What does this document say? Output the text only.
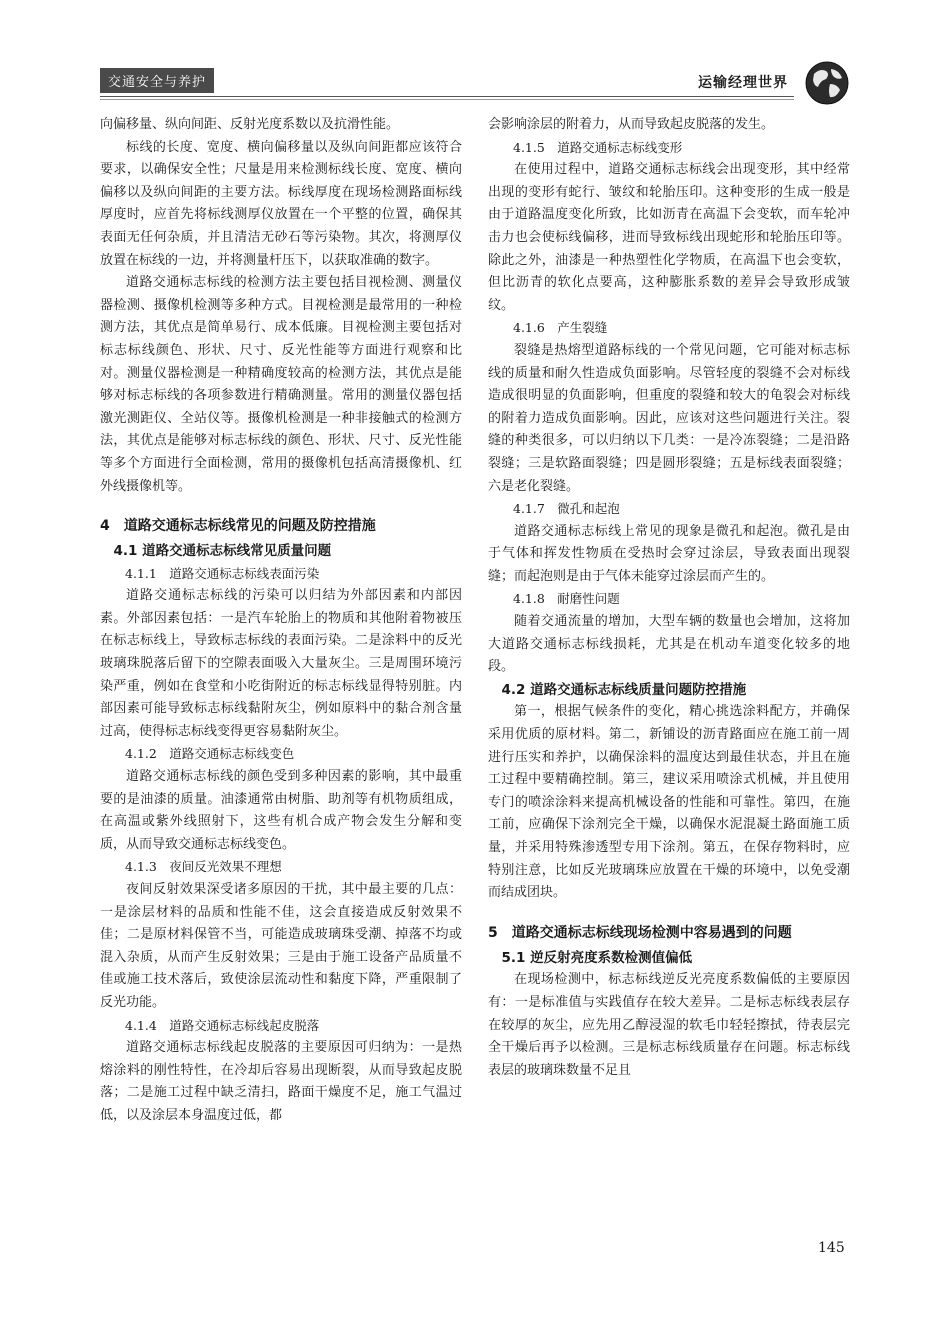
交通安全与养护	运输经理世界

向偏移量、纵向间距、反射光度系数以及抗滑性能。

标线的长度、宽度、横向偏移量以及纵向间距都应该符合要求，以确保安全性；尺量是用来检测标线长度、宽度、横向偏移以及纵向间距的主要方法。标线厚度在现场检测路面标线厚度时，应首先将标线测厚仪放置在一个平整的位置，确保其表面无任何杂质，并且清洁无砂石等污染物。其次，将测厚仪放置在标线的一边，并将测量杆压下，以获取准确的数字。

道路交通标志标线的检测方法主要包括目视检测、测量仪器检测、摄像机检测等多种方式。目视检测是最常用的一种检测方法，其优点是简单易行、成本低廉。目视检测主要包括对标志标线颜色、形状、尺寸、反光性能等方面进行观察和比对。测量仪器检测是一种精确度较高的检测方法，其优点是能够对标志标线的各项参数进行精确测量。常用的测量仪器包括激光测距仪、全站仪等。摄像机检测是一种非接触式的检测方法，其优点是能够对标志标线的颜色、形状、尺寸、反光性能等多个方面进行全面检测，常用的摄像机包括高清摄像机、红外线摄像机等。

4　道路交通标志标线常见的问题及防控措施
4.1 道路交通标志标线常见质量问题
4.1.1　道路交通标志标线表面污染

道路交通标志标线的污染可以归结为外部因素和内部因素。外部因素包括：一是汽车轮胎上的物质和其他附着物被压在标志标线上，导致标志标线的表面污染。二是涂料中的反光玻璃珠脱落后留下的空隙表面吸入大量灰尘。三是周围环境污染严重，例如在食堂和小吃街附近的标志标线显得特别脏。内部因素可能导致标志标线黏附灰尘，例如原料中的黏合剂含量过高，使得标志标线变得更容易黏附灰尘。

4.1.2　道路交通标志标线变色

道路交通标志标线的颜色受到多种因素的影响，其中最重要的是油漆的质量。油漆通常由树脂、助剂等有机物质组成，在高温或紫外线照射下，这些有机合成产物会发生分解和变质，从而导致交通标志标线变色。

4.1.3　夜间反光效果不理想

夜间反射效果深受诸多原因的干扰，其中最主要的几点：一是涂层材料的品质和性能不佳，这会直接造成反射效果不佳；二是原材料保管不当，可能造成玻璃珠受潮、掉落不均或混入杂质，从而产生反射效果；三是由于施工设备产品质量不佳或施工技术落后，致使涂层流动性和黏度下降，严重限制了反光功能。

4.1.4　道路交通标志标线起皮脱落

道路交通标志标线起皮脱落的主要原因可归纳为：一是热熔涂料的刚性特性，在冷却后容易出现断裂，从而导致起皮脱落；二是施工过程中缺乏清扫，路面干燥度不足，施工气温过低，以及涂层本身温度过低，都

会影响涂层的附着力，从而导致起皮脱落的发生。

4.1.5　道路交通标志标线变形

在使用过程中，道路交通标志标线会出现变形，其中经常出现的变形有蛇行、皱纹和轮胎压印。这种变形的生成一般是由于道路温度变化所致，比如沥青在高温下会变软，而车轮冲击力也会使标线偏移，进而导致标线出现蛇形和轮胎压印等。除此之外，油漆是一种热塑性化学物质，在高温下也会变软，但比沥青的软化点要高，这种膨胀系数的差异会导致形成皱纹。

4.1.6　产生裂缝

裂缝是热熔型道路标线的一个常见问题，它可能对标志标线的质量和耐久性造成负面影响。尽管轻度的裂缝不会对标线造成很明显的负面影响，但重度的裂缝和较大的龟裂会对标线的附着力造成负面影响。因此，应该对这些问题进行关注。裂缝的种类很多，可以归纳以下几类：一是冷冻裂缝；二是沿路裂缝；三是软路面裂缝；四是圆形裂缝；五是标线表面裂缝；六是老化裂缝。

4.1.7　微孔和起泡

道路交通标志标线上常见的现象是微孔和起泡。微孔是由于气体和挥发性物质在受热时会穿过涂层，导致表面出现裂缝；而起泡则是由于气体未能穿过涂层而产生的。

4.1.8　耐磨性问题

随着交通流量的增加，大型车辆的数量也会增加，这将加大道路交通标志标线损耗，尤其是在机动车道变化较多的地段。

4.2 道路交通标志标线质量问题防控措施

第一，根据气候条件的变化，精心挑选涂料配方，并确保采用优质的原材料。第二，新铺设的沥青路面应在施工前一周进行压实和养护，以确保涂料的温度达到最佳状态，并且在施工过程中要精确控制。第三，建议采用喷涂式机械，并且使用专门的喷涂涂料来提高机械设备的性能和可靠性。第四，在施工前，应确保下涂剂完全干燥，以确保水泥混凝土路面施工质量，并采用特殊渗透型专用下涂剂。第五，在保存物料时，应特别注意，比如反光玻璃珠应放置在干燥的环境中，以免受潮而结成团块。

5　道路交通标志标线现场检测中容易遇到的问题
5.1 逆反射亮度系数检测值偏低

在现场检测中，标志标线逆反光亮度系数偏低的主要原因有：一是标准值与实践值存在较大差异。二是标志标线表层存在较厚的灰尘，应先用乙醇浸湿的软毛巾轻轻擦拭，待表层完全干燥后再予以检测。三是标志标线质量存在问题。标志标线表层的玻璃珠数量不足且

145
